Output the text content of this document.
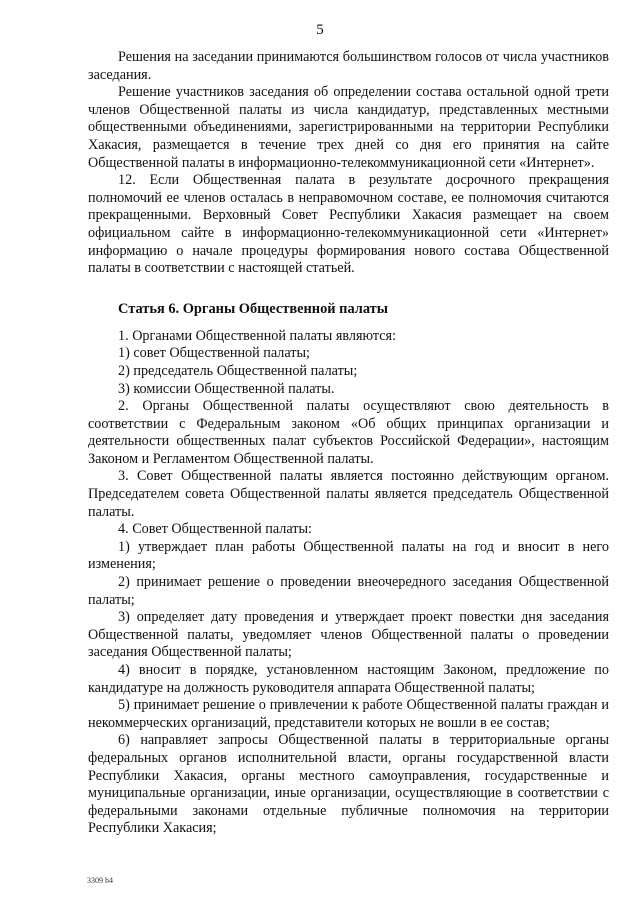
5

Решения на заседании принимаются большинством голосов от числа участников заседания.

Решение участников заседания об определении состава остальной одной трети членов Общественной палаты из числа кандидатур, представленных местными общественными объединениями, зарегистрированными на территории Республики Хакасия, размещается в течение трех дней со дня его принятия на сайте Общественной палаты в информационно-телекоммуникационной сети «Интернет».

12. Если Общественная палата в результате досрочного прекращения полномочий ее членов осталась в неправомочном составе, ее полномочия считаются прекращенными. Верховный Совет Республики Хакасия размещает на своем официальном сайте в информационно-телекоммуникационной сети «Интернет» информацию о начале процедуры формирования нового состава Общественной палаты в соответствии с настоящей статьей.

Статья 6. Органы Общественной палаты

1. Органами Общественной палаты являются:

1) совет Общественной палаты;

2) председатель Общественной палаты;

3) комиссии Общественной палаты.

2. Органы Общественной палаты осуществляют свою деятельность в соответствии с Федеральным законом «Об общих принципах организации и деятельности общественных палат субъектов Российской Федерации», настоящим Законом и Регламентом Общественной палаты.

3. Совет Общественной палаты является постоянно действующим органом. Председателем совета Общественной палаты является председатель Общественной палаты.

4. Совет Общественной палаты:

1) утверждает план работы Общественной палаты на год и вносит в него изменения;

2) принимает решение о проведении внеочередного заседания Общественной палаты;

3) определяет дату проведения и утверждает проект повестки дня заседания Общественной палаты, уведомляет членов Общественной палаты о проведении заседания Общественной палаты;

4) вносит в порядке, установленном настоящим Законом, предложение по кандидатуре на должность руководителя аппарата Общественной палаты;

5) принимает решение о привлечении к работе Общественной палаты граждан и некоммерческих организаций, представители которых не вошли в ее состав;

6) направляет запросы Общественной палаты в территориальные органы федеральных органов исполнительной власти, органы государственной власти Республики Хакасия, органы местного самоуправления, государственные и муниципальные организации, иные организации, осуществляющие в соответствии с федеральными законами отдельные публичные полномочия на территории Республики Хакасия;

3309 h4
